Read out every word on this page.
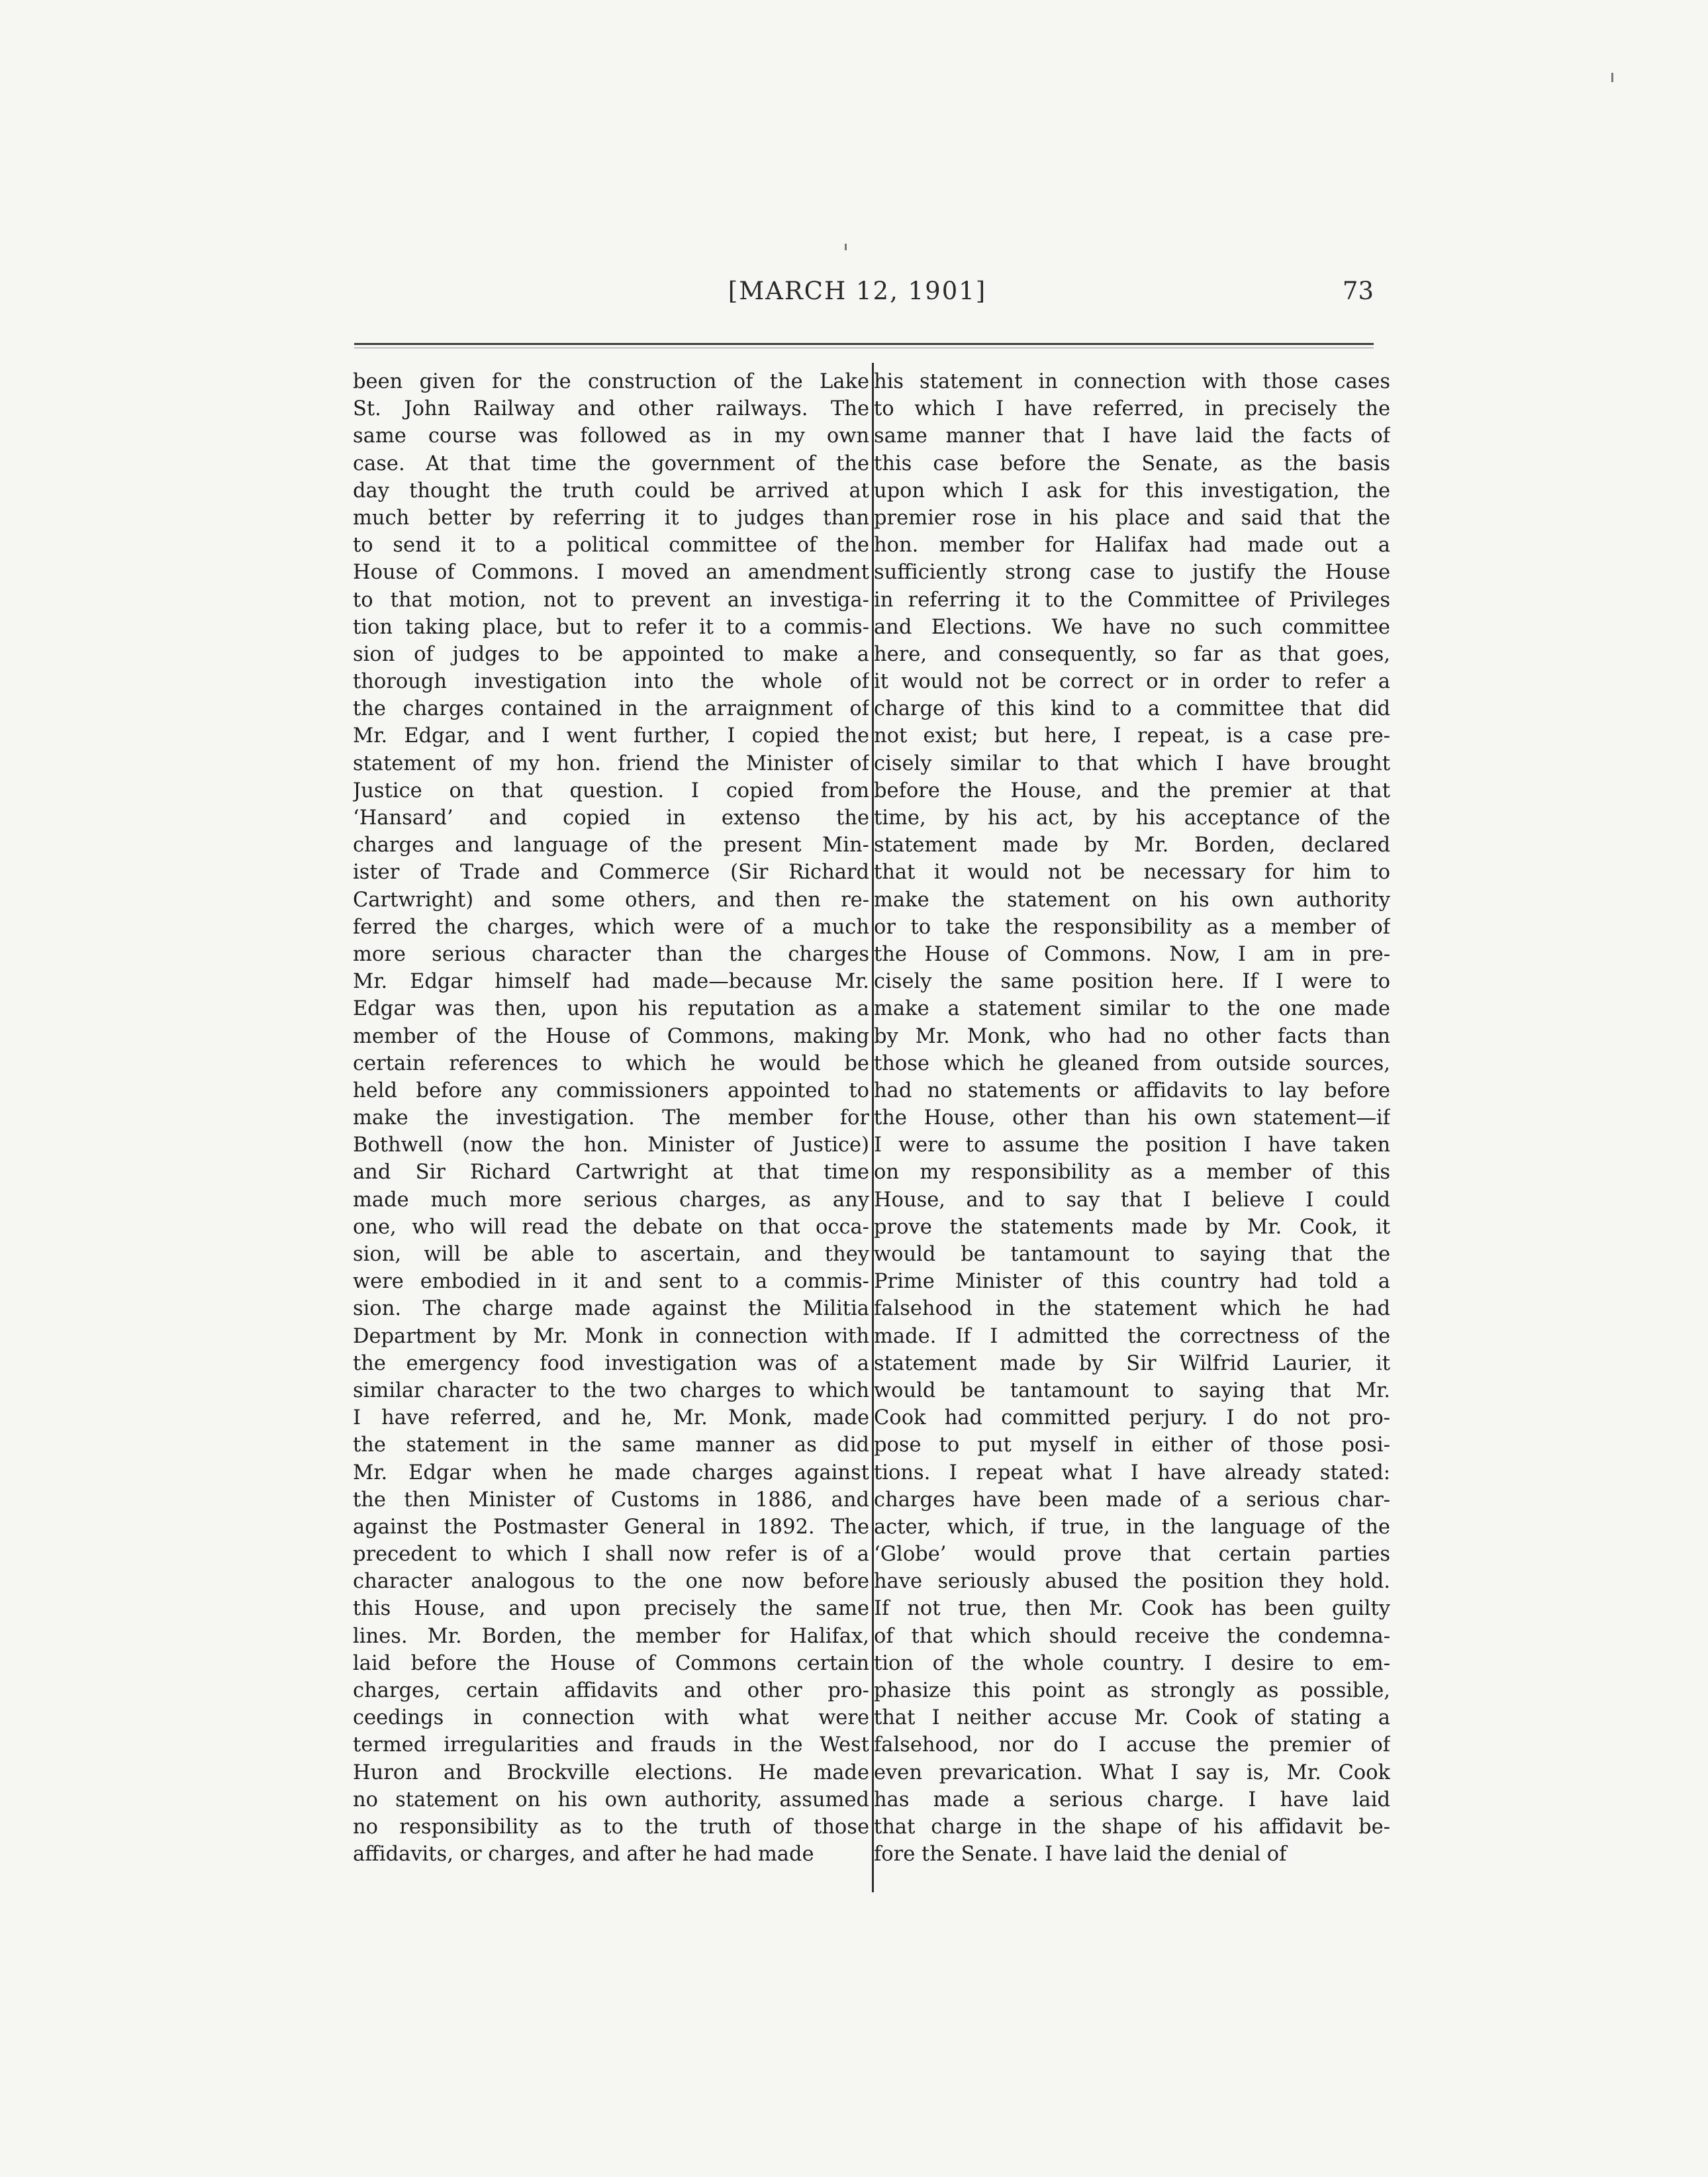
[MARCH 12, 1901]	73
been given for the construction of the Lake
St. John Railway and other railways. The
same course was followed as in my own
case. At that time the government of the
day thought the truth could be arrived at
much better by referring it to judges than
to send it to a political committee of the
House of Commons. I moved an amendment
to that motion, not to prevent an investiga-
tion taking place, but to refer it to a commis-
sion of judges to be appointed to make a
thorough investigation into the whole of
the charges contained in the arraignment of
Mr. Edgar, and I went further, I copied the
statement of my hon. friend the Minister of
Justice on that question. I copied from
‘Hansard’ and copied in extenso the
charges and language of the present Min-
ister of Trade and Commerce (Sir Richard
Cartwright) and some others, and then re-
ferred the charges, which were of a much
more serious character than the charges
Mr. Edgar himself had made—because Mr.
Edgar was then, upon his reputation as a
member of the House of Commons, making
certain references to which he would be
held before any commissioners appointed to
make the investigation. The member for
Bothwell (now the hon. Minister of Justice)
and Sir Richard Cartwright at that time
made much more serious charges, as any
one, who will read the debate on that occa-
sion, will be able to ascertain, and they
were embodied in it and sent to a commis-
sion. The charge made against the Militia
Department by Mr. Monk in connection with
the emergency food investigation was of a
similar character to the two charges to which
I have referred, and he, Mr. Monk, made
the statement in the same manner as did
Mr. Edgar when he made charges against
the then Minister of Customs in 1886, and
against the Postmaster General in 1892. The
precedent to which I shall now refer is of a
character analogous to the one now before
this House, and upon precisely the same
lines. Mr. Borden, the member for Halifax,
laid before the House of Commons certain
charges, certain affidavits and other pro-
ceedings in connection with what were
termed irregularities and frauds in the West
Huron and Brockville elections. He made
no statement on his own authority, assumed
no responsibility as to the truth of those
affidavits, or charges, and after he had made
his statement in connection with those cases
to which I have referred, in precisely the
same manner that I have laid the facts of
this case before the Senate, as the basis
upon which I ask for this investigation, the
premier rose in his place and said that the
hon. member for Halifax had made out a
sufficiently strong case to justify the House
in referring it to the Committee of Privileges
and Elections. We have no such committee
here, and consequently, so far as that goes,
it would not be correct or in order to refer a
charge of this kind to a committee that did
not exist; but here, I repeat, is a case pre-
cisely similar to that which I have brought
before the House, and the premier at that
time, by his act, by his acceptance of the
statement made by Mr. Borden, declared
that it would not be necessary for him to
make the statement on his own authority
or to take the responsibility as a member of
the House of Commons. Now, I am in pre-
cisely the same position here. If I were to
make a statement similar to the one made
by Mr. Monk, who had no other facts than
those which he gleaned from outside sources,
had no statements or affidavits to lay before
the House, other than his own statement—if
I were to assume the position I have taken
on my responsibility as a member of this
House, and to say that I believe I could
prove the statements made by Mr. Cook, it
would be tantamount to saying that the
Prime Minister of this country had told a
falsehood in the statement which he had
made. If I admitted the correctness of the
statement made by Sir Wilfrid Laurier, it
would be tantamount to saying that Mr.
Cook had committed perjury. I do not pro-
pose to put myself in either of those posi-
tions. I repeat what I have already stated:
charges have been made of a serious char-
acter, which, if true, in the language of the
‘Globe’ would prove that certain parties
have seriously abused the position they hold.
If not true, then Mr. Cook has been guilty
of that which should receive the condemna-
tion of the whole country. I desire to em-
phasize this point as strongly as possible,
that I neither accuse Mr. Cook of stating a
falsehood, nor do I accuse the premier of
even prevarication. What I say is, Mr. Cook
has made a serious charge. I have laid
that charge in the shape of his affidavit be-
fore the Senate. I have laid the denial of
